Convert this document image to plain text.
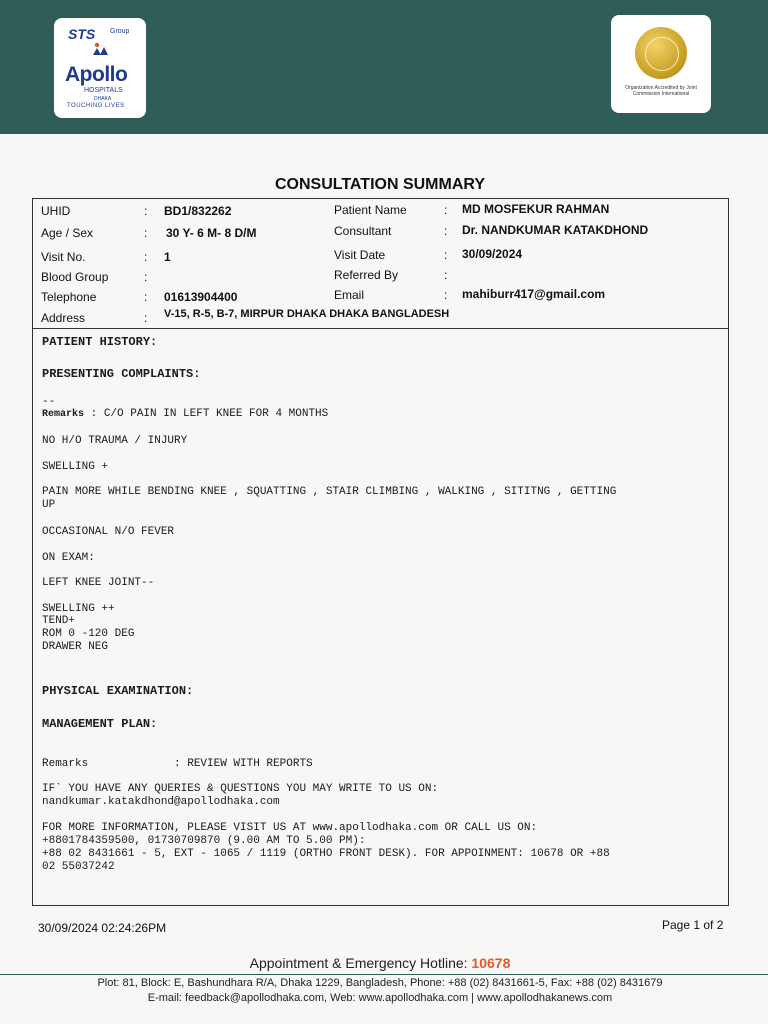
STS Group
Apollo
HOSPITALS
DHAKA
TOUCHING LIVES
Organization Accredited by Joint Commission International
CONSULTATION SUMMARY
UHID	: BD1/832262
Age / Sex	: 30 Y- 6 M- 8 D/M
Visit No.	: 1
Blood Group	:
Telephone	: 01613904400
Address	: V-15, R-5, B-7, MIRPUR DHAKA DHAKA BANGLADESH
Patient Name	: MD MOSFEKUR RAHMAN
Consultant	: Dr. NANDKUMAR KATAKDHOND
Visit Date	: 30/09/2024
Referred By	:
Email	: mahiburr417@gmail.com
PATIENT HISTORY:
PRESENTING COMPLAINTS:
--
Remarks : C/O PAIN IN LEFT KNEE FOR 4 MONTHS
NO H/O TRAUMA / INJURY
SWELLING +
PAIN MORE WHILE BENDING KNEE , SQUATTING , STAIR CLIMBING , WALKING , SITITNG , GETTING
UP
OCCASIONAL N/O FEVER
ON EXAM:
LEFT KNEE JOINT--
SWELLING ++
TEND+
ROM 0 -120 DEG
DRAWER NEG
PHYSICAL EXAMINATION:
MANAGEMENT PLAN:
Remarks             : REVIEW WITH REPORTS
IF` YOU HAVE ANY QUERIES & QUESTIONS YOU MAY WRITE TO US ON:
nandkumar.katakdhond@apollodhaka.com
FOR MORE INFORMATION, PLEASE VISIT US AT www.apollodhaka.com OR CALL US ON:
+8801784359500, 01730709870 (9.00 AM TO 5.00 PM):
+88 02 8431661 - 5, EXT - 1065 / 1119 (ORTHO FRONT DESK). FOR APPOINMENT: 10678 OR +88
02 55037242
30/09/2024 02:24:26PM	Page 1 of 2
Appointment & Emergency Hotline: 10678
Plot: 81, Block: E, Bashundhara R/A, Dhaka 1229, Bangladesh, Phone: +88 (02) 8431661-5, Fax: +88 (02) 8431679
E-mail: feedback@apollodhaka.com, Web: www.apollodhaka.com | www.apollodhakanews.com
